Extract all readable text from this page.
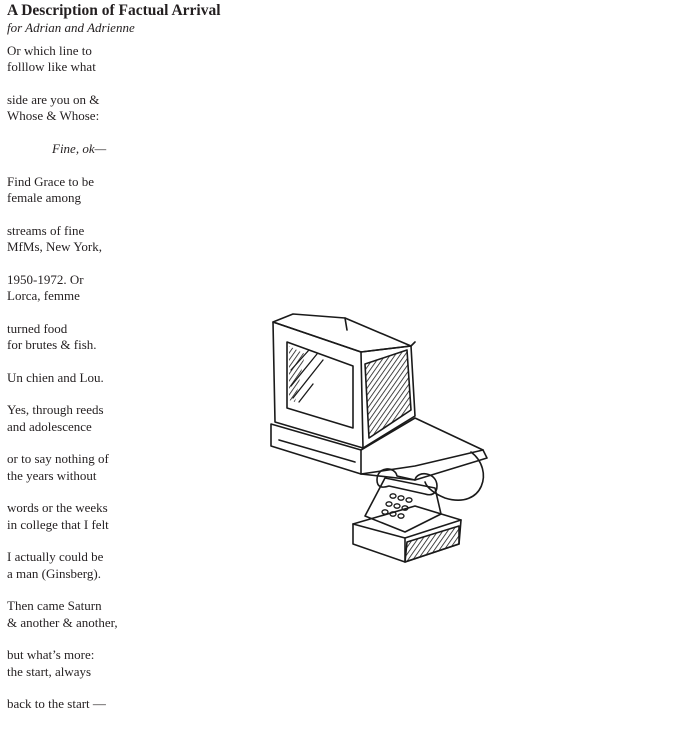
A Description of Factual Arrival

for Adrian and Adrienne

Or which line to
folllow like what
side are you on &
Whose & Whose:
Fine, ok—
Find Grace to be
female among
streams of fine
MfMs, New York,
1950-1972. Or
Lorca, femme
turned food
for brutes & fish.
Un chien and Lou.
Yes, through reeds
and adolescence
or to say nothing of
the years without
words or the weeks
in college that I felt
I actually could be
a man (Ginsberg).
Then came Saturn
& another & another,
but what’s more:
the start, always
back to the start —
